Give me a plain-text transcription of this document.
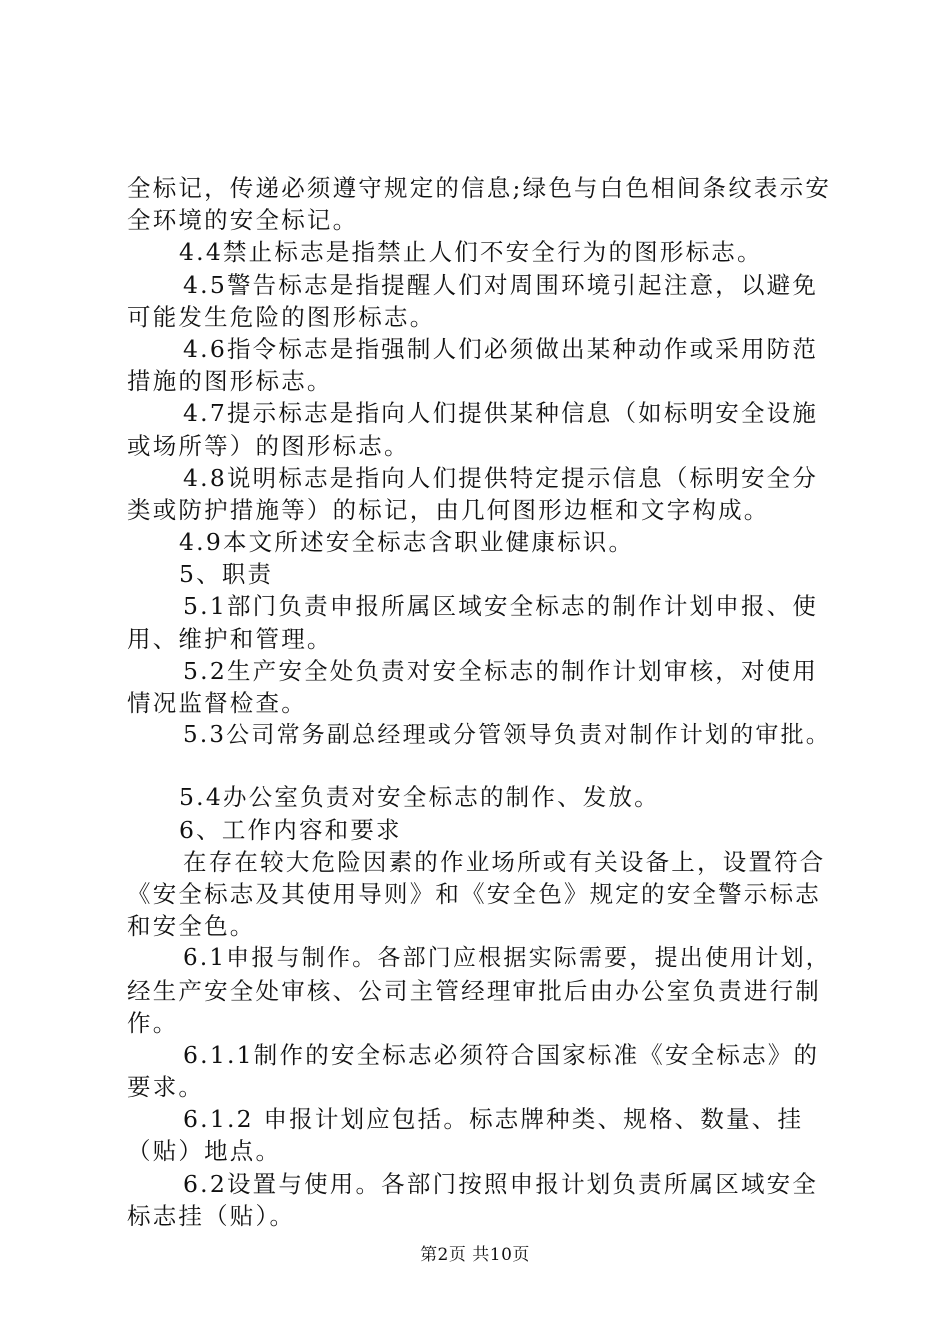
全标记，传递必须遵守规定的信息;绿色与白色相间条纹表示安
全环境的安全标记。
4.4禁止标志是指禁止人们不安全行为的图形标志。
4.5警告标志是指提醒人们对周围环境引起注意，以避免
可能发生危险的图形标志。
4.6指令标志是指强制人们必须做出某种动作或采用防范
措施的图形标志。
4.7提示标志是指向人们提供某种信息（如标明安全设施
或场所等）的图形标志。
4.8说明标志是指向人们提供特定提示信息（标明安全分
类或防护措施等）的标记，由几何图形边框和文字构成。
4.9本文所述安全标志含职业健康标识。
5、职责
5.1部门负责申报所属区域安全标志的制作计划申报、使
用、维护和管理。
5.2生产安全处负责对安全标志的制作计划审核，对使用
情况监督检查。
5.3公司常务副总经理或分管领导负责对制作计划的审批。
5.4办公室负责对安全标志的制作、发放。
6、工作内容和要求
在存在较大危险因素的作业场所或有关设备上，设置符合
《安全标志及其使用导则》和《安全色》规定的安全警示标志
和安全色。
6.1申报与制作。各部门应根据实际需要，提出使用计划，
经生产安全处审核、公司主管经理审批后由办公室负责进行制
作。
6.1.1制作的安全标志必须符合国家标准《安全标志》的
要求。
6.1.2 申报计划应包括。标志牌种类、规格、数量、挂
（贴）地点。
6.2设置与使用。各部门按照申报计划负责所属区域安全
标志挂（贴）。
第2页 共10页
